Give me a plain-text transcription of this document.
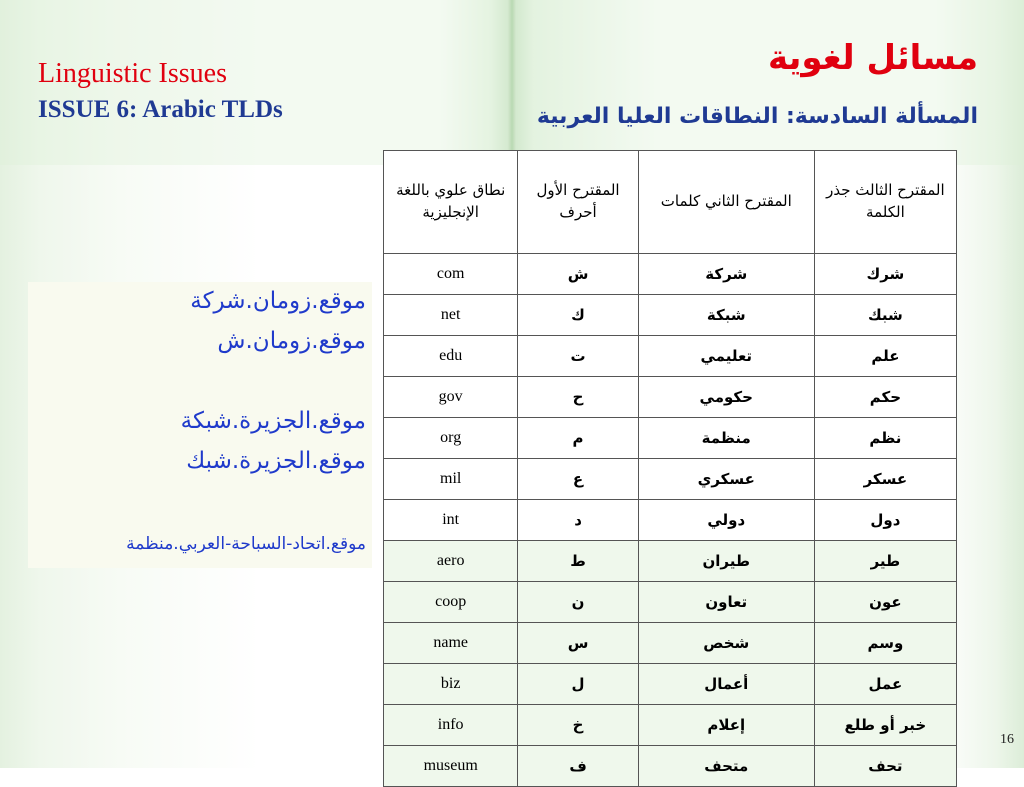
Linguistic Issues
ISSUE 6: Arabic TLDs
مسائل لغوية
المسألة السادسة: النطاقات العليا العربية

موقع.زومان.شركة

موقع.زومان.ش

موقع.الجزيرة.شبكة

موقع.الجزيرة.شبك

موقع.اتحاد-السباحة-العربي.منظمة

نطاق علوي باللغة الإنجليزية	المقترح الأول أحرف	المقترح الثاني كلمات	المقترح الثالث جذر الكلمة
com	ش	شركة	شرك
net	ك	شبكة	شبك
edu	ت	تعليمي	علم
gov	ح	حكومي	حكم
org	م	منظمة	نظم
mil	ع	عسكري	عسكر
int	د	دولي	دول
aero	ط	طيران	طير
coop	ن	تعاون	عون
name	س	شخص	وسم
biz	ل	أعمال	عمل
info	خ	إعلام	خبر أو طلع
museum	ف	متحف	تحف

16
